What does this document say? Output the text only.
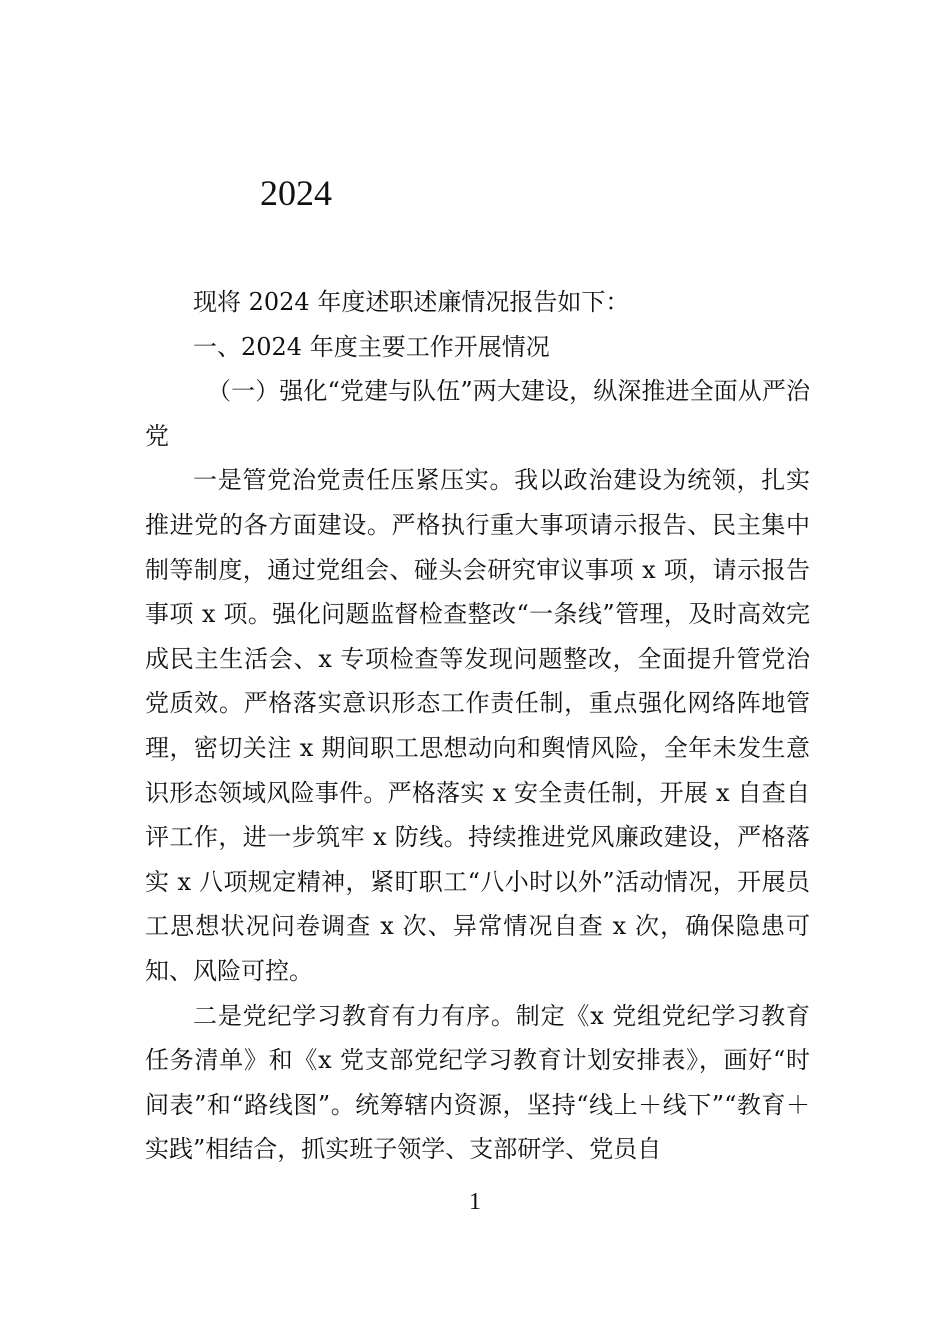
2024

现将 2024 年度述职述廉情况报告如下：

一、2024 年度主要工作开展情况

（一）强化“党建与队伍”两大建设，纵深推进全面从严治党

一是管党治党责任压紧压实。我以政治建设为统领，扎实推进党的各方面建设。严格执行重大事项请示报告、民主集中制等制度，通过党组会、碰头会研究审议事项 x 项，请示报告事项 x 项。强化问题监督检查整改“一条线”管理，及时高效完成民主生活会、x 专项检查等发现问题整改，全面提升管党治党质效。严格落实意识形态工作责任制，重点强化网络阵地管理，密切关注 x 期间职工思想动向和舆情风险，全年未发生意识形态领域风险事件。严格落实 x 安全责任制，开展 x 自查自评工作，进一步筑牢 x 防线。持续推进党风廉政建设，严格落实 x 八项规定精神，紧盯职工“八小时以外”活动情况，开展员工思想状况问卷调查 x 次、异常情况自查 x 次，确保隐患可知、风险可控。

二是党纪学习教育有力有序。制定《x 党组党纪学习教育任务清单》和《x 党支部党纪学习教育计划安排表》，画好“时间表”和“路线图”。统筹辖内资源，坚持“线上＋线下”“教育＋实践”相结合，抓实班子领学、支部研学、党员自

1
